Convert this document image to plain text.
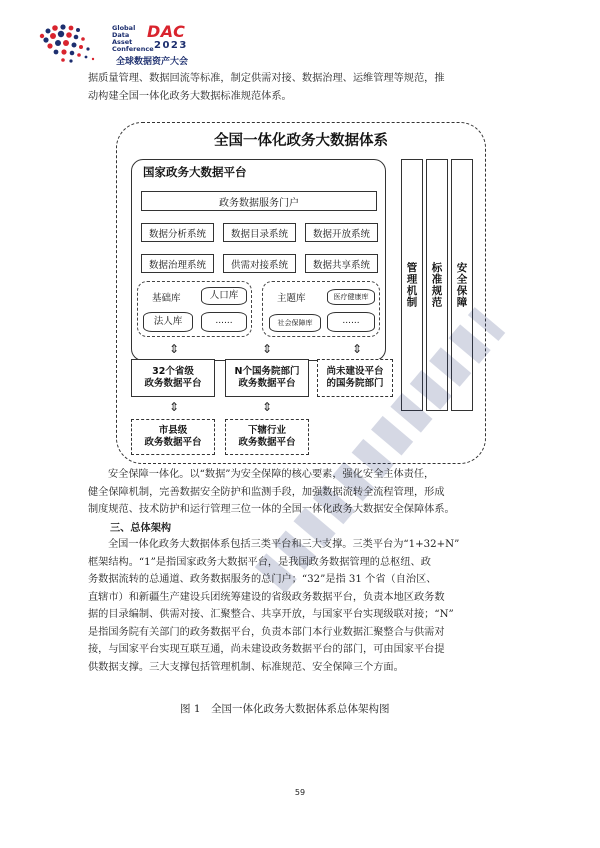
Global
Data
Asset
Conference
DAC
2023
全球数据资产大会

据质量管理、数据回流等标准，制定供需对接、数据治理、运维管理等规范，推

动构建全国一体化政务大数据标准规范体系。

全国一体化政务大数据体系
国家政务大数据平台
政务数据服务门户
数据分析系统	数据目录系统	数据开放系统
数据治理系统	供需对接系统	数据共享系统
基础库	人口库
法人库	......
主题库	医疗健康库
社会保障库	......
管理机制	标准规范	安全保障
⇕	⇕	⇕
32个省级
政务数据平台
N个国务院部门
政务数据平台
尚未建设平台
的国务院部门
⇕	⇕
市县级
政务数据平台
下辖行业
政务数据平台

安全保障一体化。以“数据”为安全保障的核心要素，强化安全主体责任，

健全保障机制，完善数据安全防护和监测手段，加强数据流转全流程管理，形成

制度规范、技术防护和运行管理三位一体的全国一体化政务大数据安全保障体系。

三、总体架构

全国一体化政务大数据体系包括三类平台和三大支撑。三类平台为“1+32+N”

框架结构。“1”是指国家政务大数据平台，是我国政务数据管理的总枢纽、政

务数据流转的总通道、政务数据服务的总门户；“32”是指 31 个省（自治区、

直辖市）和新疆生产建设兵团统筹建设的省级政务数据平台，负责本地区政务数

据的目录编制、供需对接、汇聚整合、共享开放，与国家平台实现级联对接；“N”

是指国务院有关部门的政务数据平台，负责本部门本行业数据汇聚整合与供需对

接，与国家平台实现互联互通，尚未建设政务数据平台的部门，可由国家平台提

供数据支撑。三大支撑包括管理机制、标准规范、安全保障三个方面。

图 1　全国一体化政务大数据体系总体架构图
59
